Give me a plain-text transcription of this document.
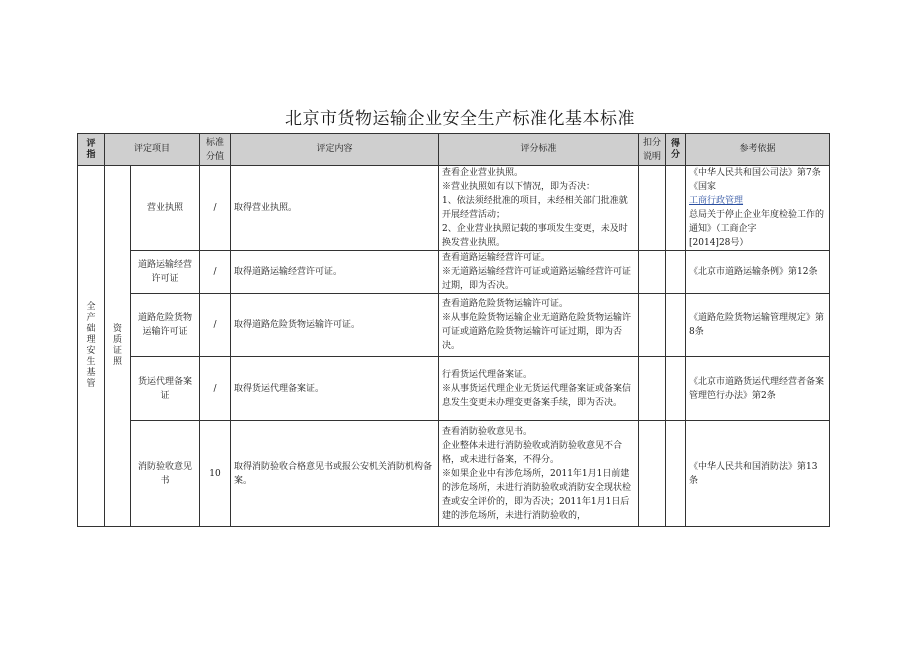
北京市货物运输企业安全生产标准化基本标准
评指	评定项目		标准分值	评定内容	评分标准	扣分说明	得分	参考依据
全产础理安生基管	资质证照	营业执照	/	取得营业执照。	查看企业营业执照。
※营业执照如有以下情况，即为否决：
1、依法须经批准的项目，未经相关部门批准就开展经营活动；
2、企业营业执照记载的事项发生变更，未及时换发营业执照。			《中华人民共和国公司法》第7条
《国家
工商行政管理
总局关于停止企业年度检验工作的通知》（工商企字
[2014]28号）

		道路运输经营许可证	/	取得道路运输经营许可证。	查看道路运输经营许可证。
※无道路运输经营许可证或道路运输经营许可证过期，即为否决。			《北京市道路运输条例》第12条
		道路危险货物运输许可证	/	取得道路危险货物运输许可证。	查看道路危险货物运输许可证。
※从事危险货物运输企业无道路危险货物运输许可证或道路危险货物运输许可证过期，即为否决。			《道路危险货物运输管理规定》第8条
		货运代理备案证	/	取得货运代理备案证。	行看货运代理备案证。
※从事货运代理企业无货运代理备案证或备案信息发生变更未办理变更备案手续，即为否决。			《北京市道路货运代理经营者备案管理笆行办法》第2条
		消防验收意见书	10	取得消防验收合格意见书或报公安机关消防机构备案。	查看消防验收意见书。
企业整体未进行消防验收或消防验收意见不合格，或未进行备案，不得分。
※如果企业中有涉危场所，2011年1月1日前建的涉危场所，未进行消防验收或消防安全现状检查或安全评价的，即为否决；2011年1月1日后建的涉危场所，未进行消防验收的，			《中华人民共和国消防法》第13条
